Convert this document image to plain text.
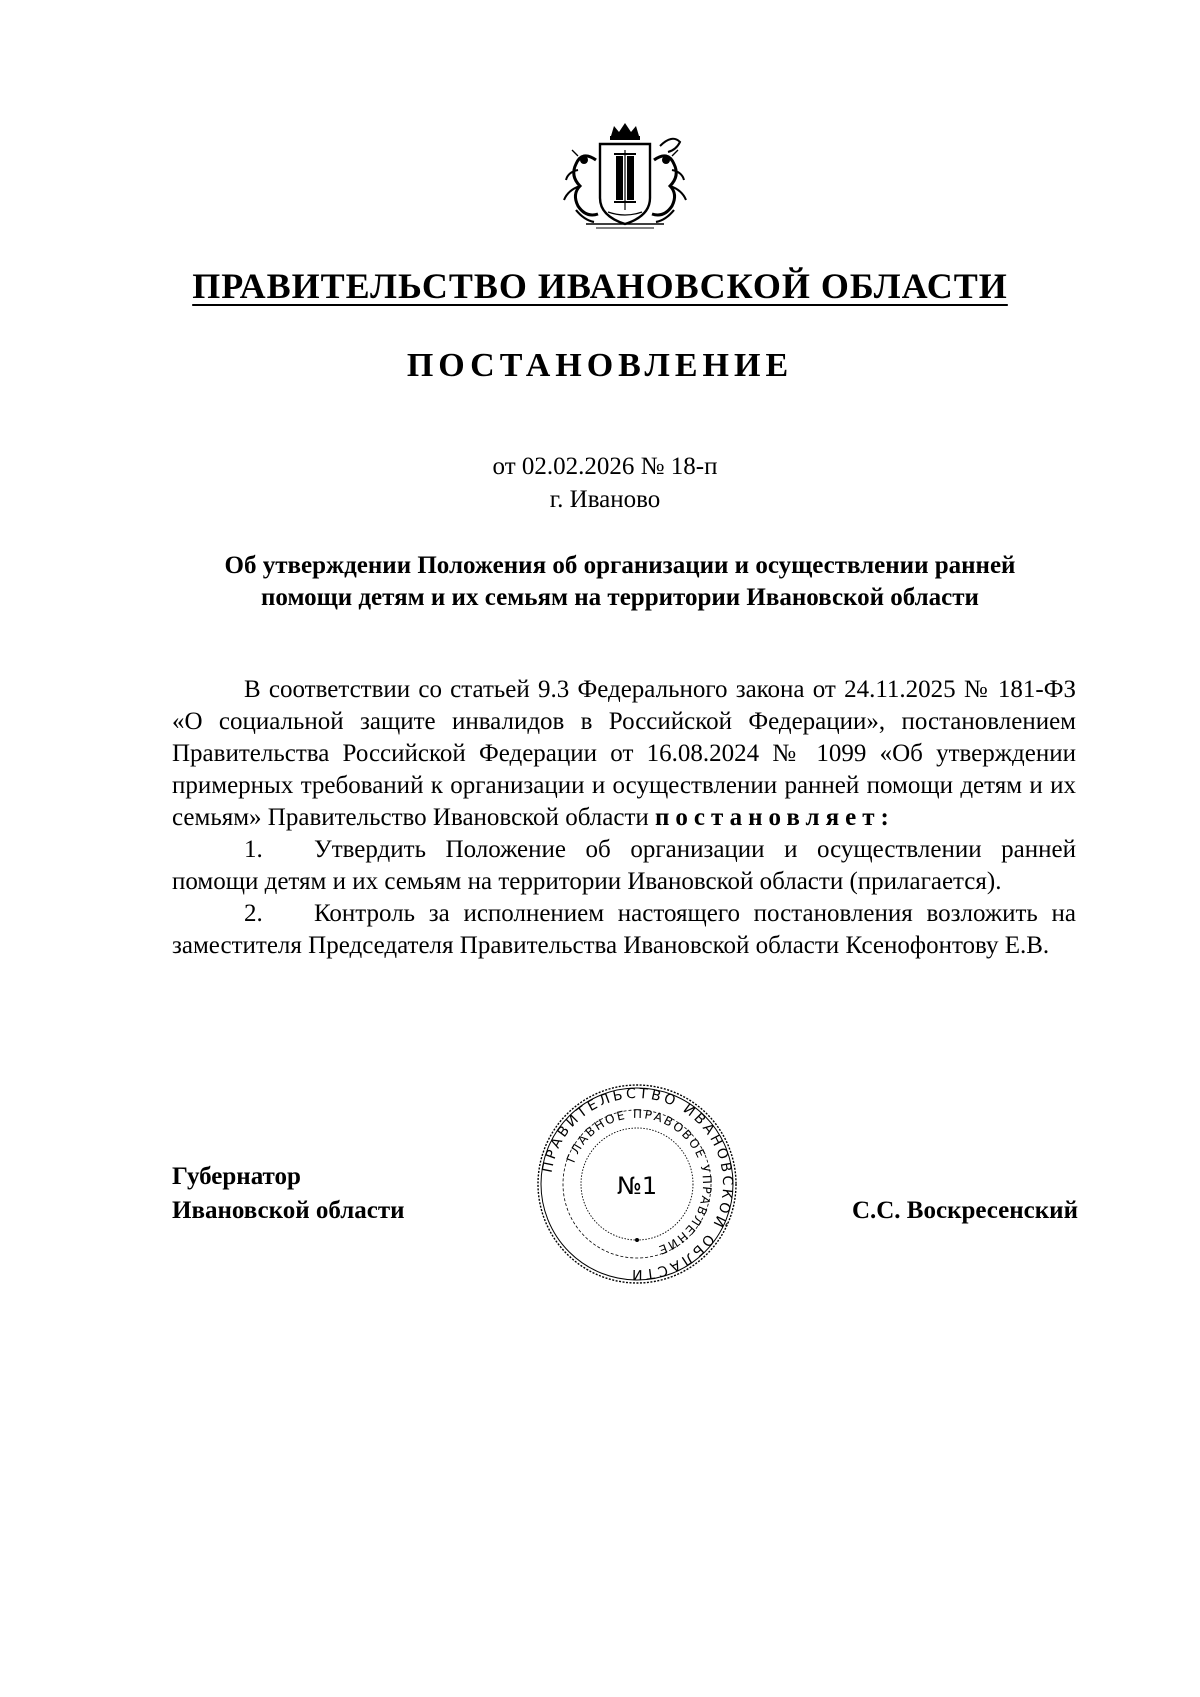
ПРАВИТЕЛЬСТВО ИВАНОВСКОЙ ОБЛАСТИ
ПОСТАНОВЛЕНИЕ
от 02.02.2026 № 18-п
г. Иваново
Об утверждении Положения об организации и осуществлении ранней
помощи детям и их семьям на территории Ивановской области

В соответствии со статьей 9.3 Федерального закона от 24.11.2025 № 181-ФЗ «О социальной защите инвалидов в Российской Федерации», постановлением Правительства Российской Федерации от 16.08.2024 № 1099 «Об утверждении примерных требований к организации и осуществлении ранней помощи детям и их семьям» Правительство Ивановской области постановляет:

1. Утвердить Положение об организации и осуществлении ранней помощи детям и их семьям на территории Ивановской области (прилагается).

2. Контроль за исполнением настоящего постановления возложить на заместителя Председателя Правительства Ивановской области Ксенофонтову Е.В.

Губернатор
Ивановской области	С.С. Воскресенский
ПРАВИТЕЛЬСТВО ИВАНОВСКОЙ ОБЛАСТИ
ГЛАВНОЕ ПРАВОВОЕ УПРАВЛЕНИЕ
№1
